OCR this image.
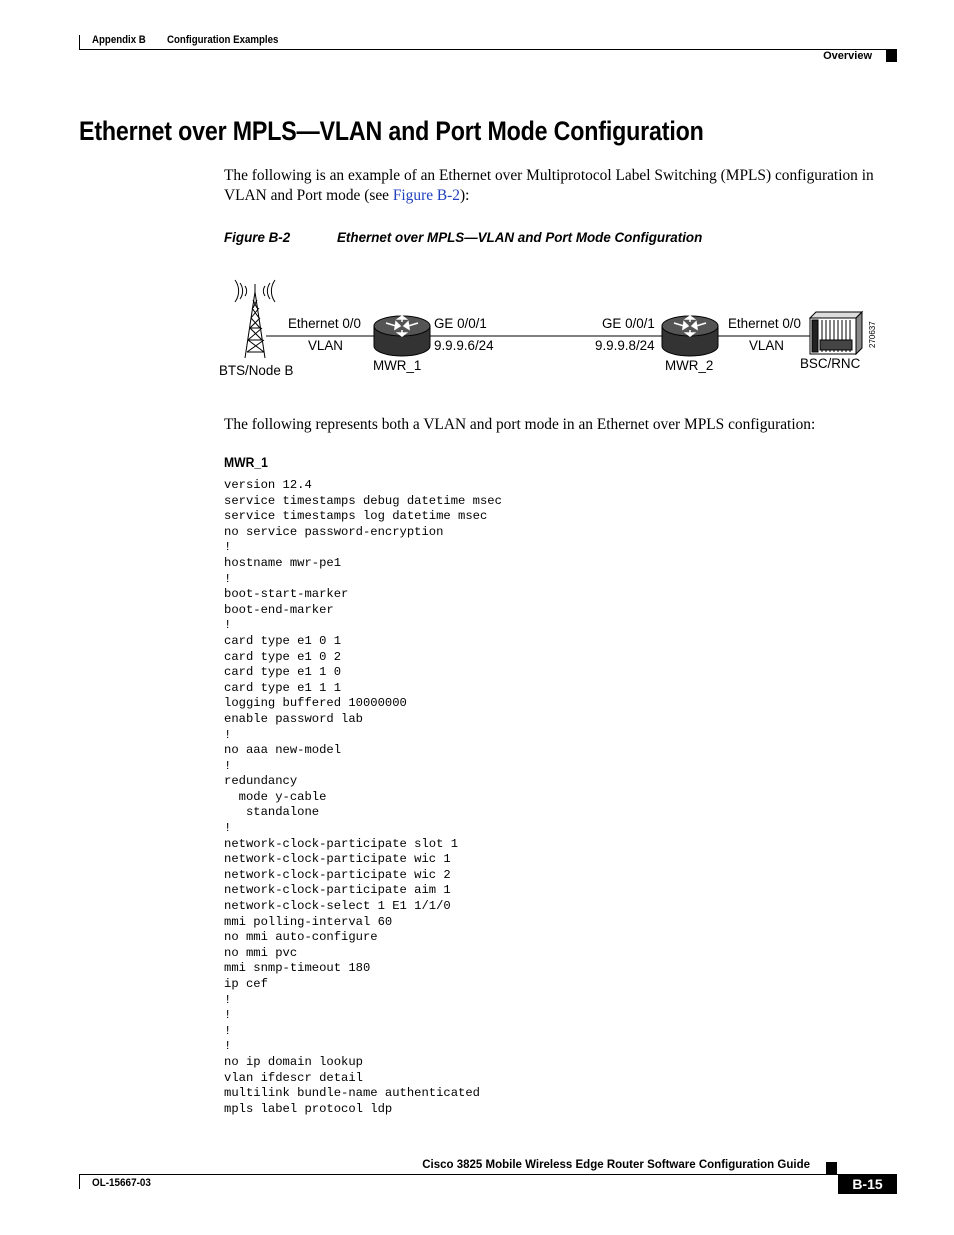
Appendix B Configuration Examples
Overview
Ethernet over MPLS—VLAN and Port Mode Configuration

The following is an example of an Ethernet over Multiprotocol Label Switching (MPLS) configuration in VLAN and Port mode (see Figure B-2):

Figure B-2	Ethernet over MPLS—VLAN and Port Mode Configuration
270637
BTS/Node B
Ethernet 0/0
VLAN
MWR_1
GE 0/0/1
9.9.9.6/24
GE 0/0/1
9.9.9.8/24
MWR_2
Ethernet 0/0
VLAN
BSC/RNC

The following represents both a VLAN and port mode in an Ethernet over MPLS configuration:

MWR_1
version 12.4
service timestamps debug datetime msec
service timestamps log datetime msec
no service password-encryption
!
hostname mwr-pe1
!
boot-start-marker
boot-end-marker
!
card type e1 0 1
card type e1 0 2
card type e1 1 0
card type e1 1 1
logging buffered 10000000
enable password lab
!
no aaa new-model
!
redundancy
mode y-cable
standalone
!
network-clock-participate slot 1
network-clock-participate wic 1
network-clock-participate wic 2
network-clock-participate aim 1
network-clock-select 1 E1 1/1/0
mmi polling-interval 60
no mmi auto-configure
no mmi pvc
mmi snmp-timeout 180
ip cef
!
!
!
!
no ip domain lookup
vlan ifdescr detail
multilink bundle-name authenticated
mpls label protocol ldp
Cisco 3825 Mobile Wireless Edge Router Software Configuration Guide
OL-15667-03	B-15
